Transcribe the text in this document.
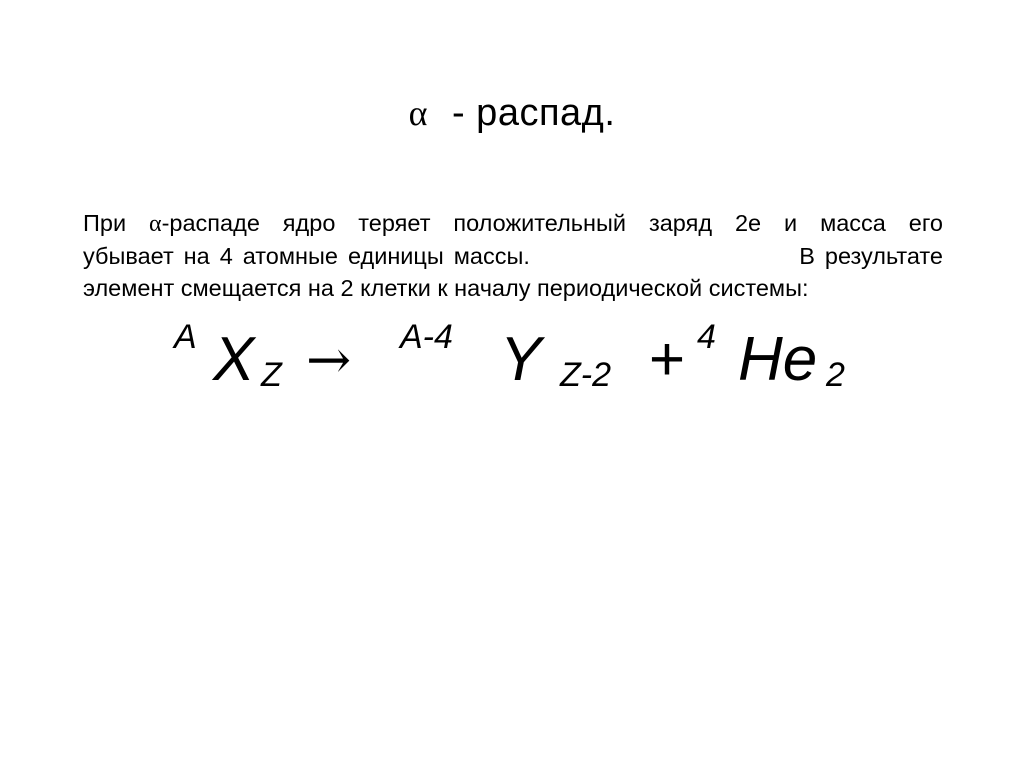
α - распад.
При α-распаде ядро теряет положительный заряд 2е и масса его
убывает на 4 атомные единицы массы.                           В результате
элемент смещается на 2 клетки к началу периодической системы:
A X Z → A-4 Y Z-2 + 4 He 2
